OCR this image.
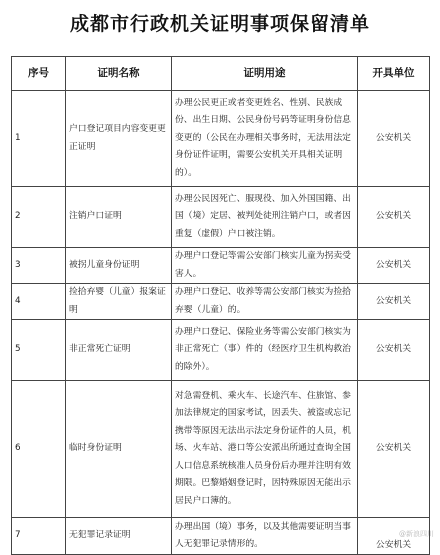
成都市行政机关证明事项保留清单
序号	证明名称	证明用途	开具单位
1	户口登记项目内容变更更正证明	办理公民更正或者变更姓名、性别、民族成份、出生日期、公民身份号码等证明身份信息变更的（公民在办理相关事务时，无法用法定身份证件证明，需要公安机关开具相关证明的）。	公安机关
2	注销户口证明	办理公民因死亡、服现役、加入外国国籍、出国（境）定居、被判处徒刑注销户口，或者因重复（虚假）户口被注销。	公安机关
3	被拐儿童身份证明	办理户口登记等需公安部门核实儿童为拐卖受害人。	公安机关
4	捡拾弃婴（儿童）报案证明	办理户口登记、收养等需公安部门核实为捡拾弃婴（儿童）的。	公安机关
5	非正常死亡证明	办理户口登记、保险业务等需公安部门核实为非正常死亡（事）件的（经医疗卫生机构救治的除外）。	公安机关
6	临时身份证明	对急需登机、乘火车、长途汽车、住旅馆、参加法律规定的国家考试，因丢失、被盗或忘记携带等原因无法出示法定身份证件的人员，机场、火车站、港口等公安派出所通过查询全国人口信息系统核准人员身份后办理并注明有效期限。巴黎婚姻登记时，因特殊原因无能出示居民户口簿的。	公安机关
7	无犯罪记录证明	办理出国（境）事务，以及其他需要证明当事人无犯罪记录情形的。	公安机关
@新浪四川
